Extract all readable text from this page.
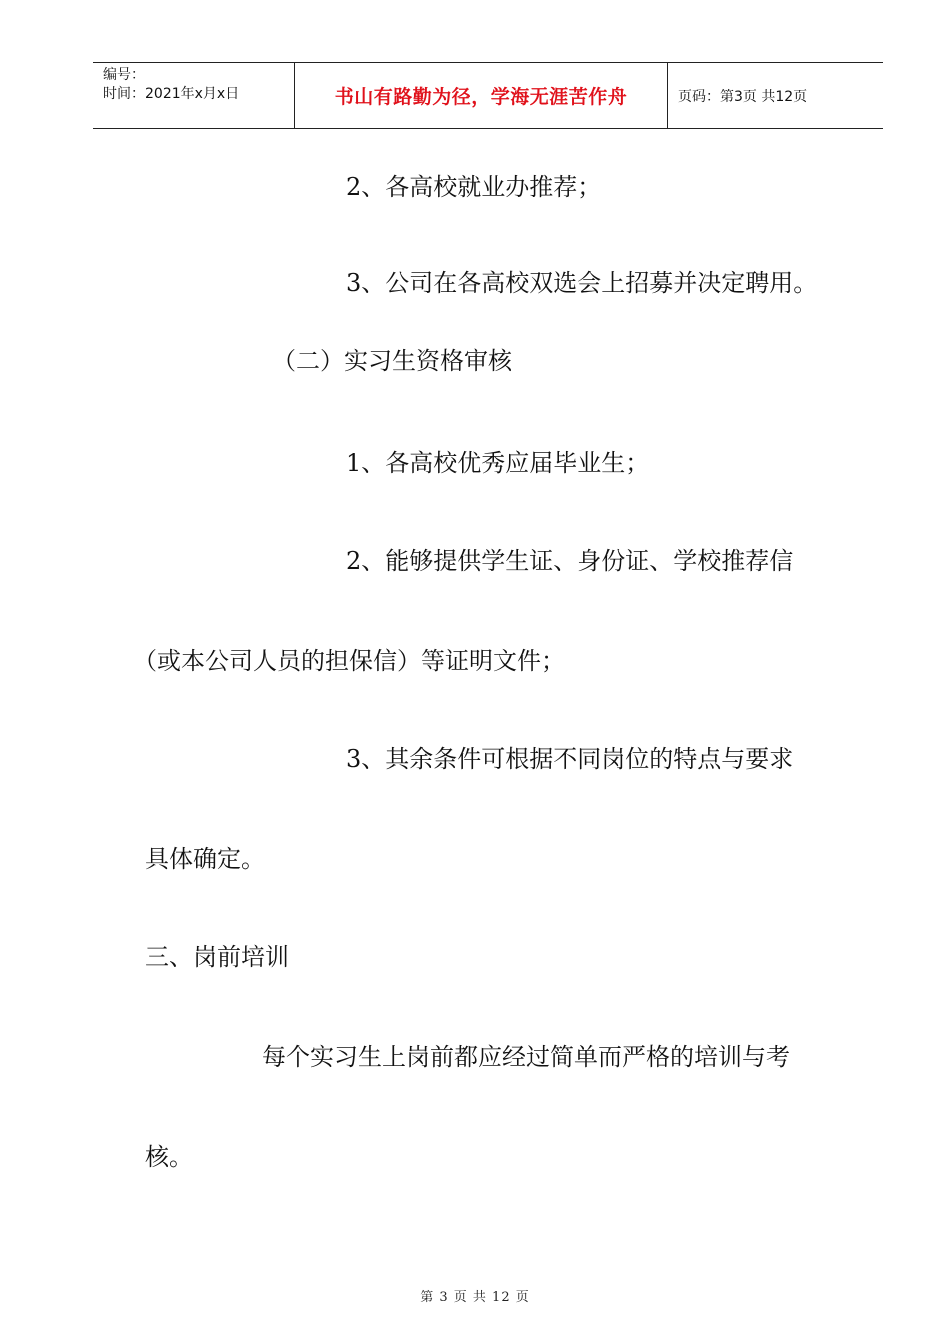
编号：
时间：2021年x月x日	书山有路勤为径，学海无涯苦作舟	页码：第3页 共12页
2、各高校就业办推荐；
3、公司在各高校双选会上招募并决定聘用。
（二）实习生资格审核
1、各高校优秀应届毕业生；
2、能够提供学生证、身份证、学校推荐信
（或本公司人员的担保信）等证明文件；
3、其余条件可根据不同岗位的特点与要求
具体确定。
三、岗前培训
每个实习生上岗前都应经过简单而严格的培训与考
核。
第 3 页 共 12 页
